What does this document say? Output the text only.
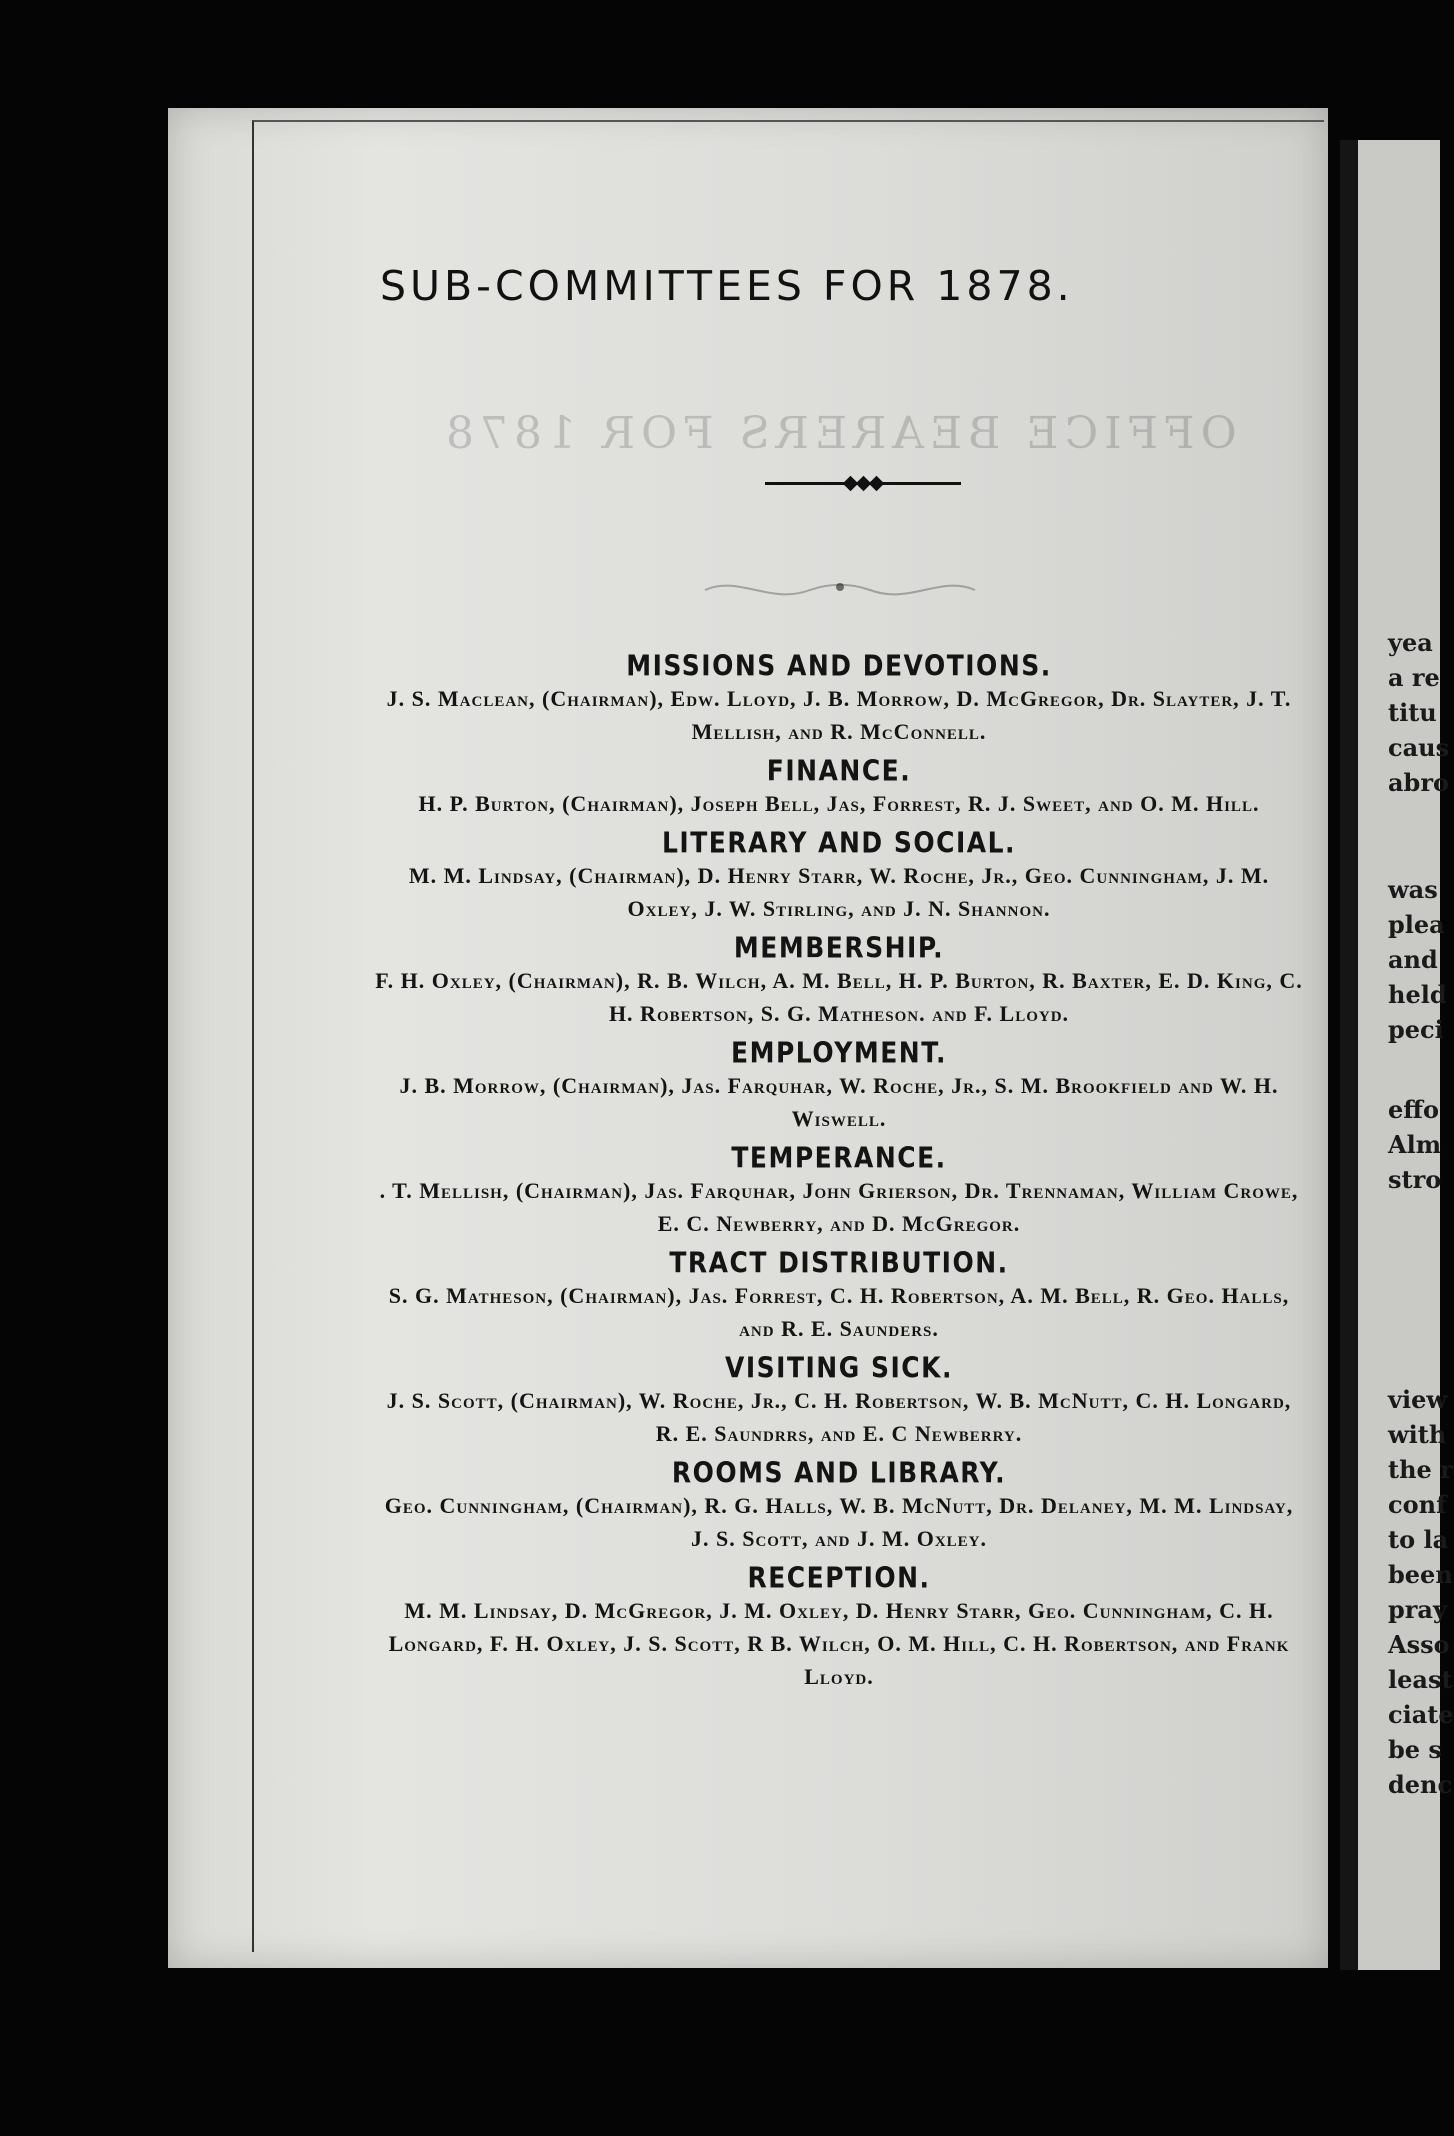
OFFICE BEARERS FOR 1878
SUB-COMMITTEES FOR 1878.
MISSIONS AND DEVOTIONS.
J. S. Maclean, (Chairman), Edw. Lloyd, J. B. Morrow, D. McGregor, Dr. Slayter, J. T. Mellish, and R. McConnell.
FINANCE.
H. P. Burton, (Chairman), Joseph Bell, Jas, Forrest, R. J. Sweet, and O. M. Hill.
LITERARY AND SOCIAL.
M. M. Lindsay, (Chairman), D. Henry Starr, W. Roche, Jr., Geo. Cunningham, J. M. Oxley, J. W. Stirling, and J. N. Shannon.
MEMBERSHIP.
F. H. Oxley, (Chairman), R. B. Wilch, A. M. Bell, H. P. Burton, R. Baxter, E. D. King, C. H. Robertson, S. G. Matheson. and F. Lloyd.
EMPLOYMENT.
J. B. Morrow, (Chairman), Jas. Farquhar, W. Roche, Jr., S. M. Brookfield and W. H. Wiswell.
TEMPERANCE.
. T. Mellish, (Chairman), Jas. Farquhar, John Grierson, Dr. Trennaman, William Crowe, E. C. Newberry, and D. McGregor.
TRACT DISTRIBUTION.
S. G. Matheson, (Chairman), Jas. Forrest, C. H. Robertson, A. M. Bell, R. Geo. Halls, and R. E. Saunders.
VISITING SICK.
J. S. Scott, (Chairman), W. Roche, Jr., C. H. Robertson, W. B. McNutt, C. H. Longard, R. E. Saundrrs, and E. C Newberry.
ROOMS AND LIBRARY.
Geo. Cunningham, (Chairman), R. G. Halls, W. B. McNutt, Dr. Delaney, M. M. Lindsay, J. S. Scott, and J. M. Oxley.
RECEPTION.
M. M. Lindsay, D. McGregor, J. M. Oxley, D. Henry Starr, Geo. Cunningham, C. H. Longard, F. H. Oxley, J. S. Scott, R B. Wilch, O. M. Hill, C. H. Robertson, and Frank Lloyd.
yea
a re
titu
caus
abro
was
plea
and
held
peci
effo
Alm
stro
view
with
the r
conf
to la
been
pray
Asso
least
ciate
be s
denc
